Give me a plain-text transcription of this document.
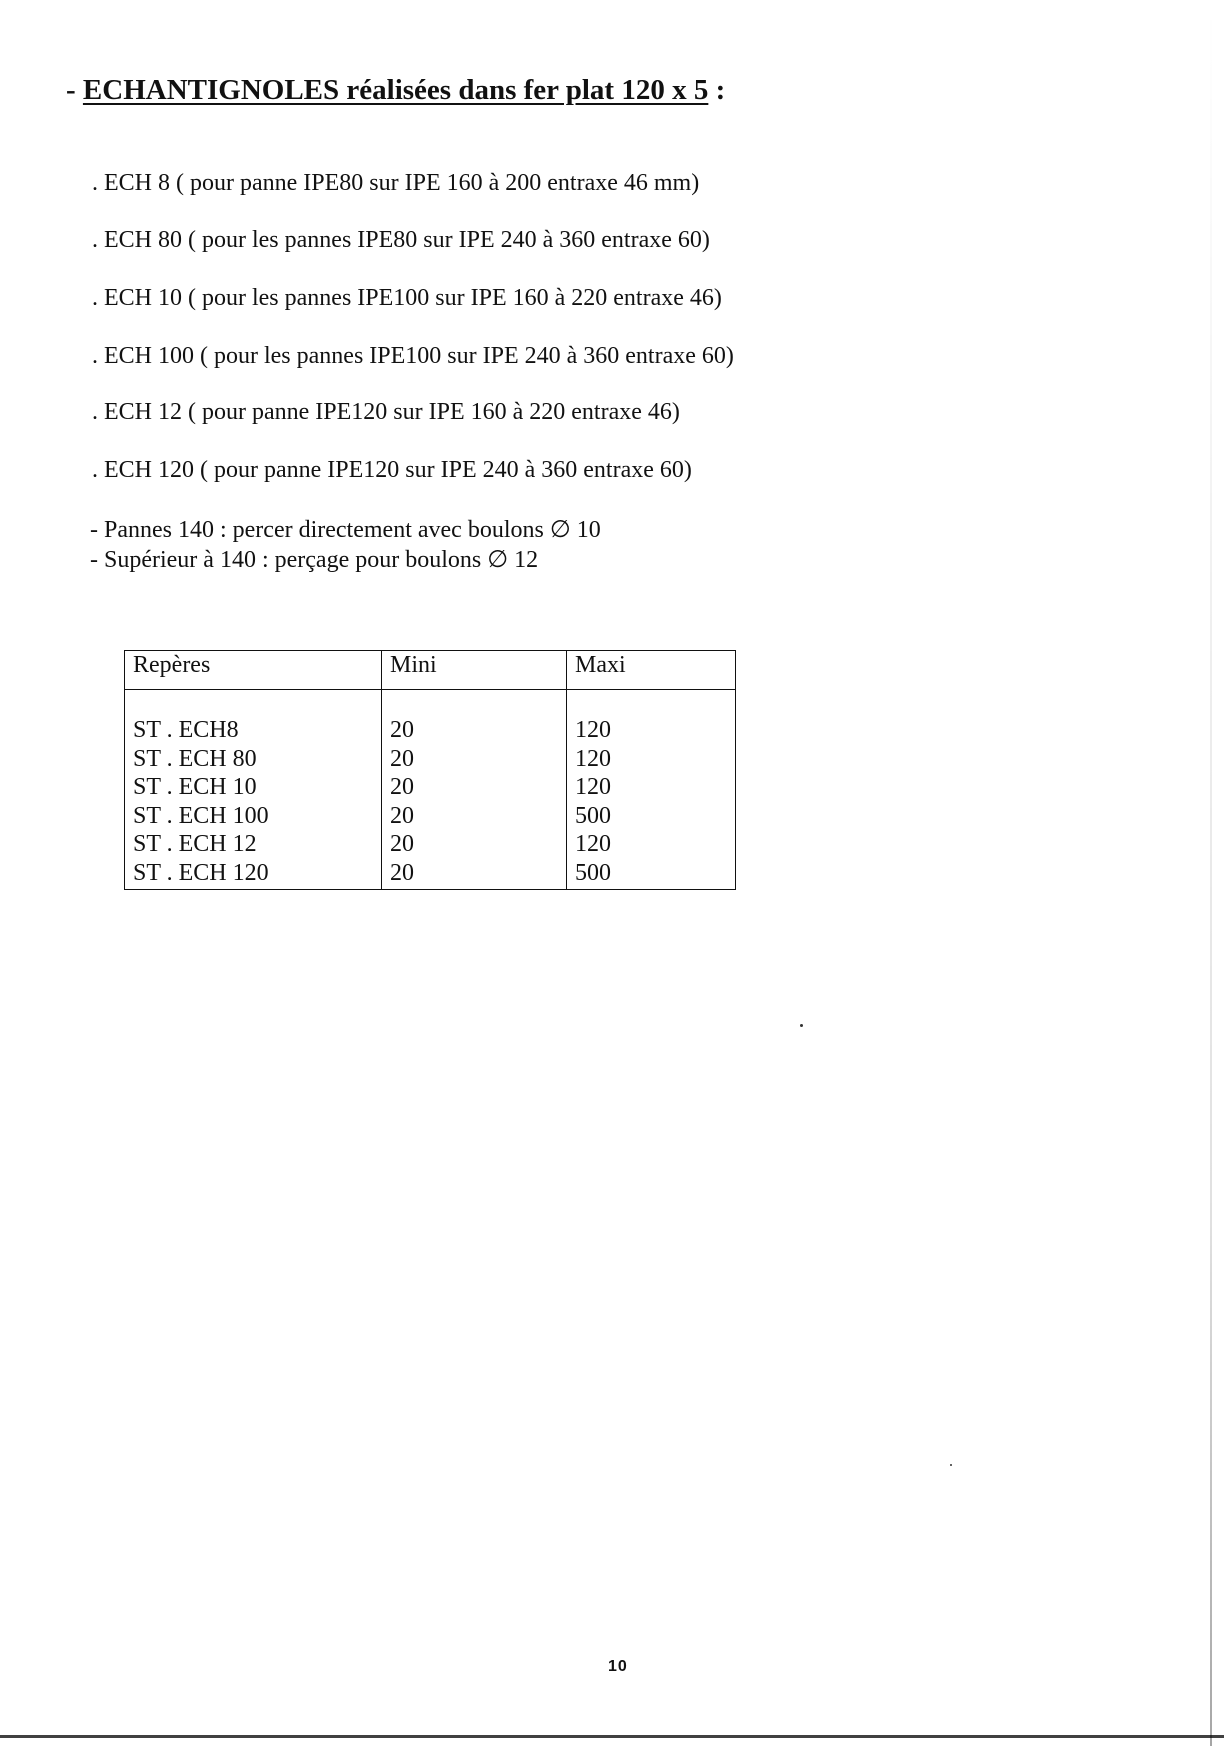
- ECHANTIGNOLES réalisées dans fer plat 120 x 5 :
. ECH 8 ( pour panne IPE80 sur IPE 160 à 200 entraxe 46 mm)
. ECH 80 ( pour les pannes IPE80 sur IPE 240 à 360 entraxe 60)
. ECH 10 ( pour les pannes IPE100 sur IPE 160 à 220 entraxe 46)
. ECH 100 ( pour les pannes IPE100 sur IPE 240 à 360 entraxe 60)
. ECH 12 ( pour panne IPE120 sur IPE 160 à 220 entraxe 46)
. ECH 120 ( pour panne IPE120 sur IPE 240 à 360 entraxe 60)
- Pannes 140 : percer directement avec boulons ∅ 10
- Supérieur à 140 : perçage pour boulons ∅ 12
Repères	Mini	Maxi

ST . ECH8	20	120
ST . ECH 80	20	120
ST . ECH 10	20	120
ST . ECH 100	20	500
ST . ECH 12	20	120
ST . ECH 120	20	500
10
